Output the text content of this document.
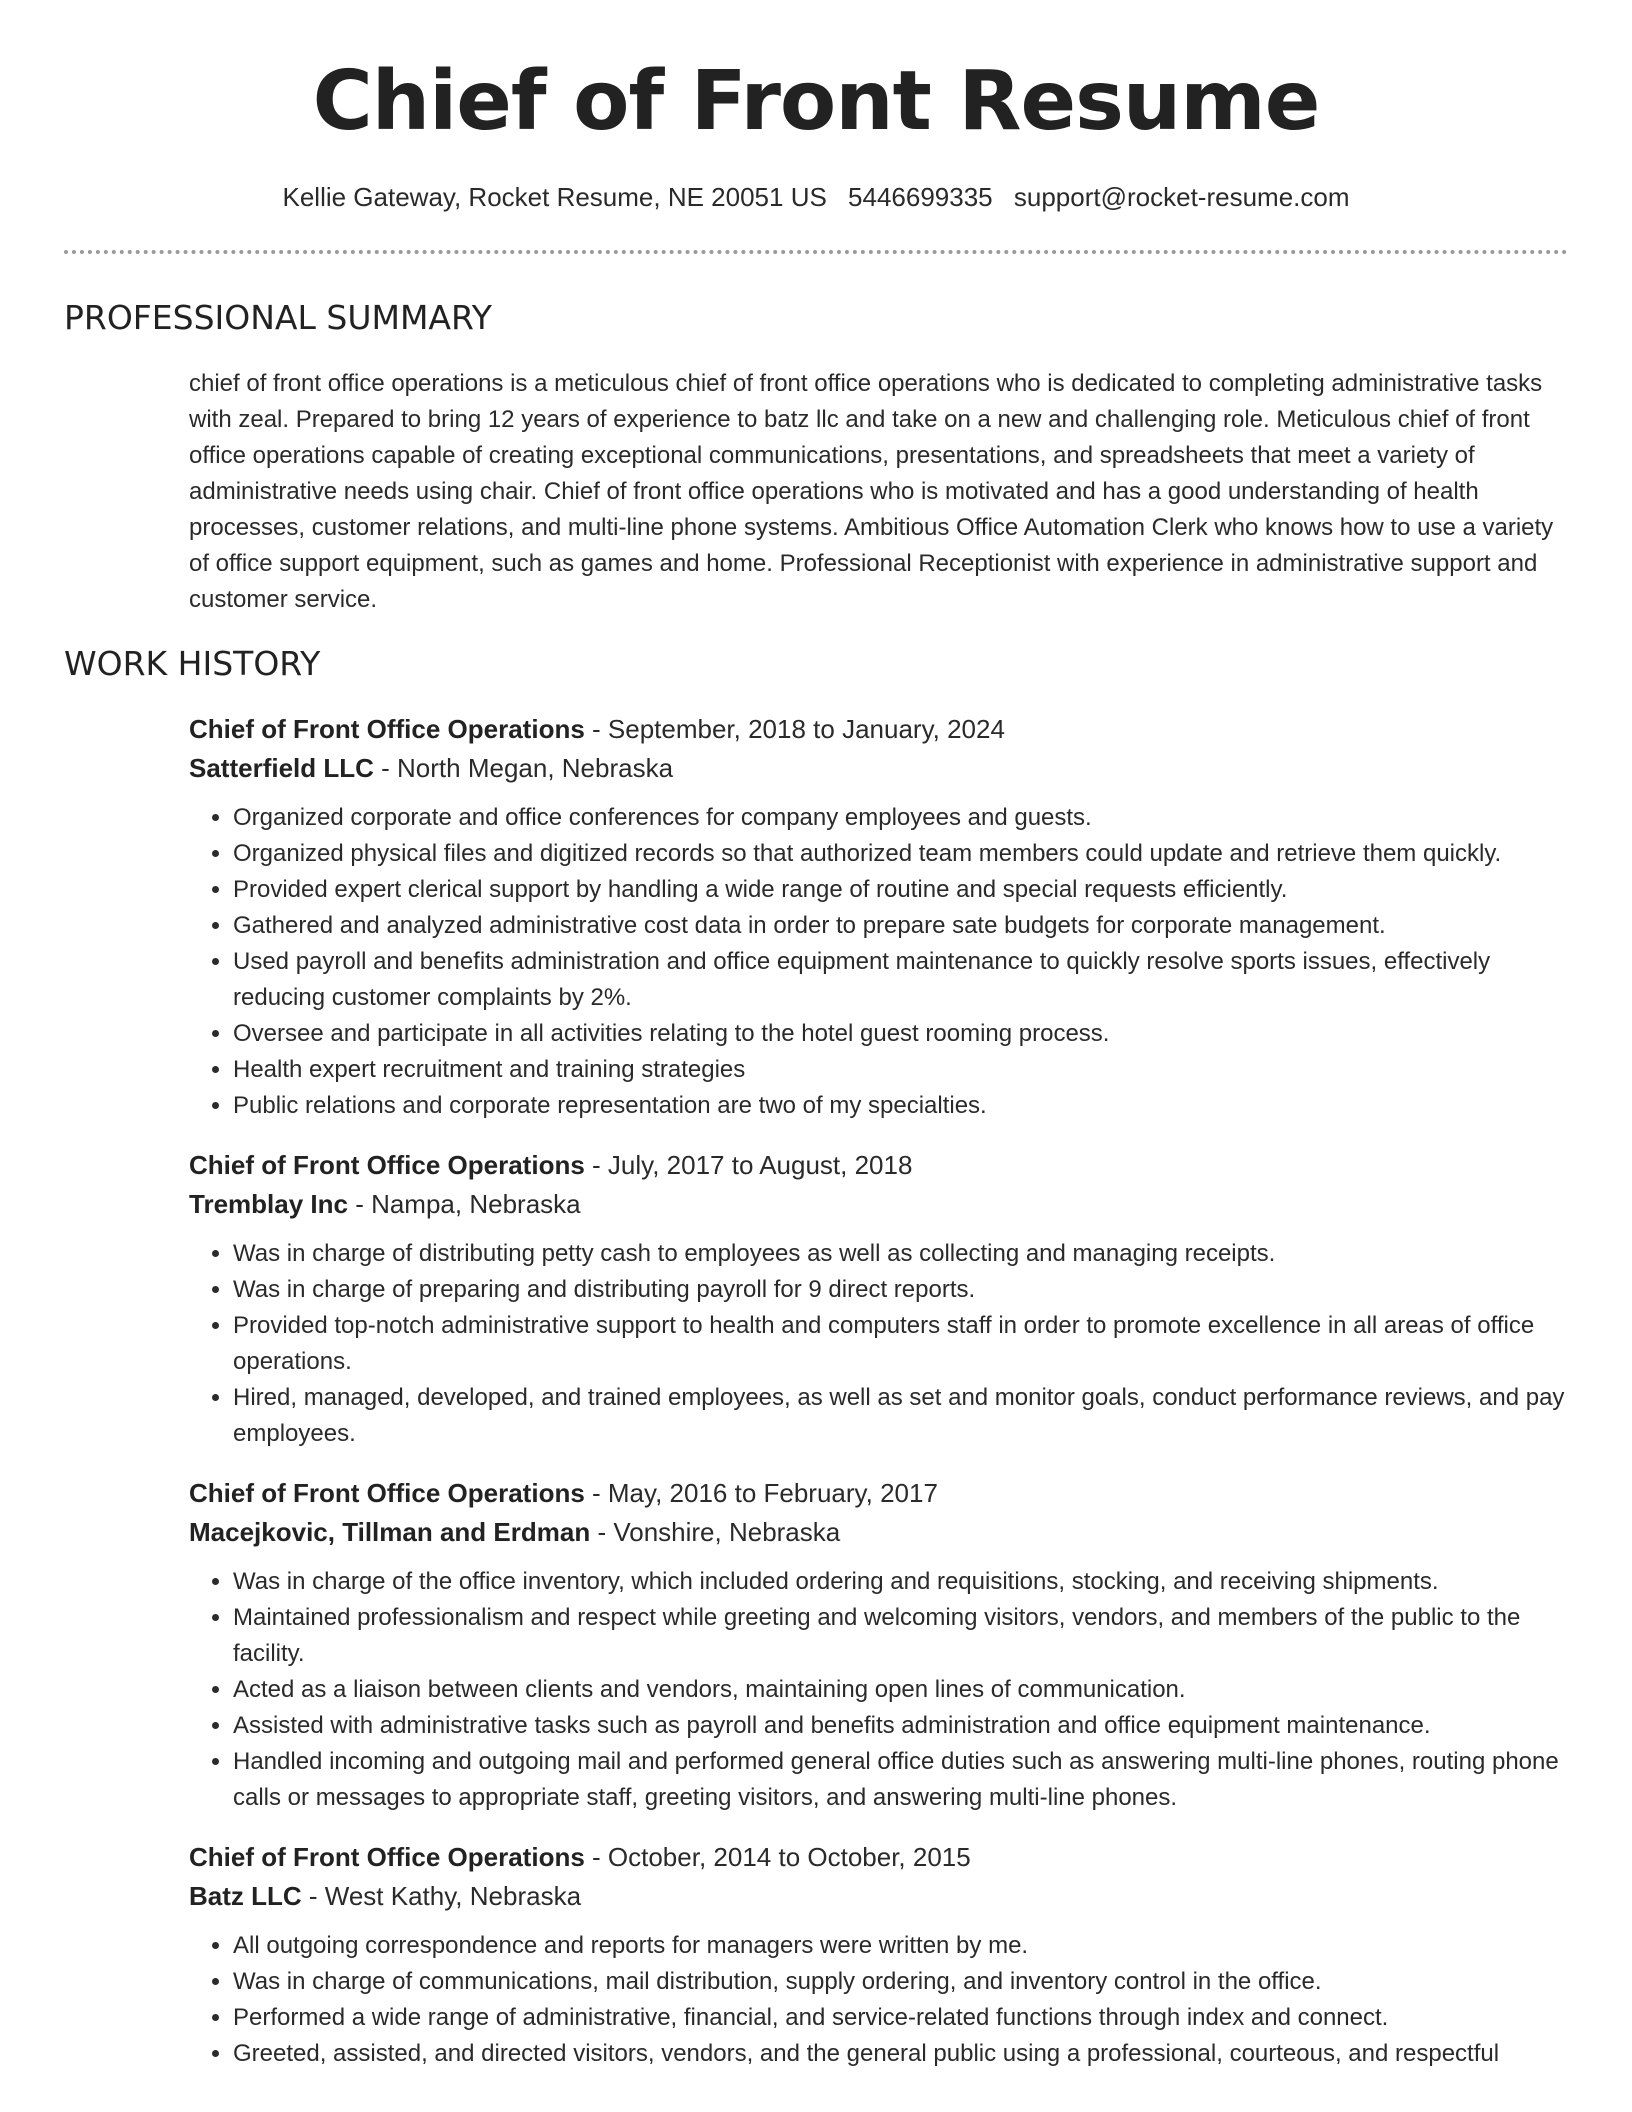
Chief of Front Resume
Kellie Gateway, Rocket Resume, NE 20051 US 5446699335 support@rocket-resume.com
PROFESSIONAL SUMMARY

chief of front office operations is a meticulous chief of front office operations who is dedicated to completing administrative tasks with zeal. Prepared to bring 12 years of experience to batz llc and take on a new and challenging role. Meticulous chief of front office operations capable of creating exceptional communications, presentations, and spreadsheets that meet a variety of administrative needs using chair. Chief of front office operations who is motivated and has a good understanding of health processes, customer relations, and multi-line phone systems. Ambitious Office Automation Clerk who knows how to use a variety of office support equipment, such as games and home. Professional Receptionist with experience in administrative support and customer service.

WORK HISTORY
Chief of Front Office Operations - September, 2018 to January, 2024
Satterfield LLC - North Megan, Nebraska
• Organized corporate and office conferences for company employees and guests.
• Organized physical files and digitized records so that authorized team members could update and retrieve them quickly.
• Provided expert clerical support by handling a wide range of routine and special requests efficiently.
• Gathered and analyzed administrative cost data in order to prepare sate budgets for corporate management.
• Used payroll and benefits administration and office equipment maintenance to quickly resolve sports issues, effectively reducing customer complaints by 2%.
• Oversee and participate in all activities relating to the hotel guest rooming process.
• Health expert recruitment and training strategies
• Public relations and corporate representation are two of my specialties.
Chief of Front Office Operations - July, 2017 to August, 2018
Tremblay Inc - Nampa, Nebraska
• Was in charge of distributing petty cash to employees as well as collecting and managing receipts.
• Was in charge of preparing and distributing payroll for 9 direct reports.
• Provided top-notch administrative support to health and computers staff in order to promote excellence in all areas of office operations.
• Hired, managed, developed, and trained employees, as well as set and monitor goals, conduct performance reviews, and pay employees.
Chief of Front Office Operations - May, 2016 to February, 2017
Macejkovic, Tillman and Erdman - Vonshire, Nebraska
• Was in charge of the office inventory, which included ordering and requisitions, stocking, and receiving shipments.
• Maintained professionalism and respect while greeting and welcoming visitors, vendors, and members of the public to the facility.
• Acted as a liaison between clients and vendors, maintaining open lines of communication.
• Assisted with administrative tasks such as payroll and benefits administration and office equipment maintenance.
• Handled incoming and outgoing mail and performed general office duties such as answering multi-line phones, routing phone calls or messages to appropriate staff, greeting visitors, and answering multi-line phones.
Chief of Front Office Operations - October, 2014 to October, 2015
Batz LLC - West Kathy, Nebraska
• All outgoing correspondence and reports for managers were written by me.
• Was in charge of communications, mail distribution, supply ordering, and inventory control in the office.
• Performed a wide range of administrative, financial, and service-related functions through index and connect.
• Greeted, assisted, and directed visitors, vendors, and the general public using a professional, courteous, and respectful
